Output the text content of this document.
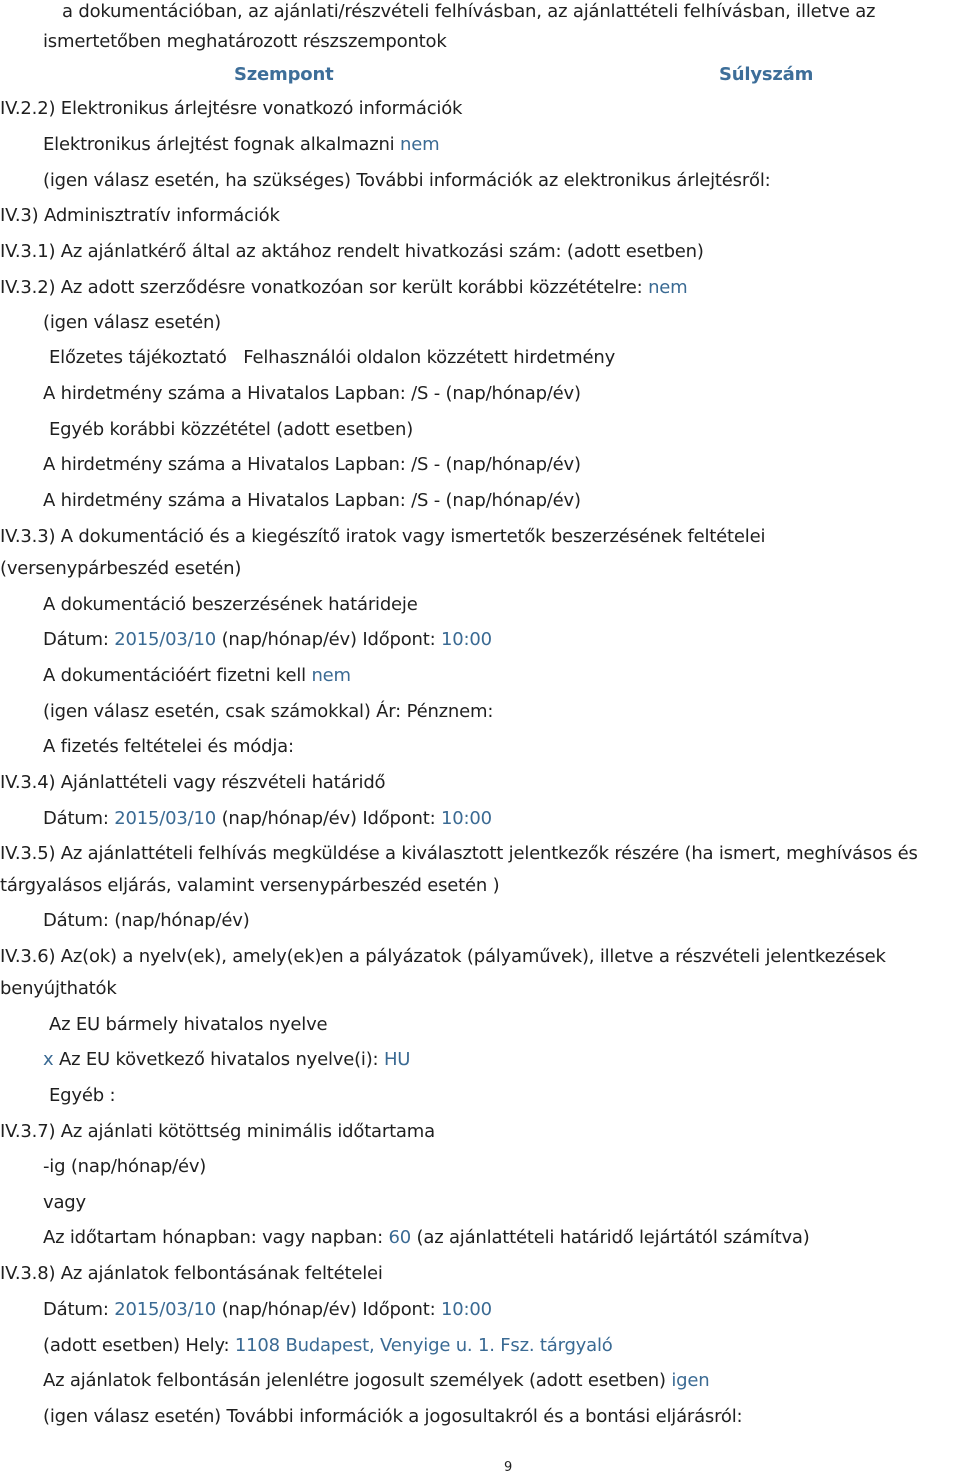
a dokumentációban, az ajánlati/részvételi felhívásban, az ajánlattételi felhívásban, illetve az
ismertetőben meghatározott részszempontok
Szempont	Súlyszám
IV.2.2) Elektronikus árlejtésre vonatkozó információk
Elektronikus árlejtést fognak alkalmazni nem
(igen válasz esetén, ha szükséges) További információk az elektronikus árlejtésről:
IV.3) Adminisztratív információk
IV.3.1) Az ajánlatkérő által az aktához rendelt hivatkozási szám: (adott esetben)
IV.3.2) Az adott szerződésre vonatkozóan sor került korábbi közzétételre: nem
(igen válasz esetén)
Előzetes tájékoztató   Felhasználói oldalon közzétett hirdetmény
A hirdetmény száma a Hivatalos Lapban: /S - (nap/hónap/év)
Egyéb korábbi közzététel (adott esetben)
A hirdetmény száma a Hivatalos Lapban: /S - (nap/hónap/év)
A hirdetmény száma a Hivatalos Lapban: /S - (nap/hónap/év)
IV.3.3) A dokumentáció és a kiegészítő iratok vagy ismertetők beszerzésének feltételei
(versenypárbeszéd esetén)
A dokumentáció beszerzésének határideje
Dátum: 2015/03/10 (nap/hónap/év) Időpont: 10:00
A dokumentációért fizetni kell nem
(igen válasz esetén, csak számokkal) Ár: Pénznem:
A fizetés feltételei és módja:
IV.3.4) Ajánlattételi vagy részvételi határidő
Dátum: 2015/03/10 (nap/hónap/év) Időpont: 10:00
IV.3.5) Az ajánlattételi felhívás megküldése a kiválasztott jelentkezők részére (ha ismert, meghívásos és
tárgyalásos eljárás, valamint versenypárbeszéd esetén )
Dátum: (nap/hónap/év)
IV.3.6) Az(ok) a nyelv(ek), amely(ek)en a pályázatok (pályaművek), illetve a részvételi jelentkezések
benyújthatók
Az EU bármely hivatalos nyelve
x Az EU következő hivatalos nyelve(i): HU
Egyéb :
IV.3.7) Az ajánlati kötöttség minimális időtartama
-ig (nap/hónap/év)
vagy
Az időtartam hónapban: vagy napban: 60 (az ajánlattételi határidő lejártától számítva)
IV.3.8) Az ajánlatok felbontásának feltételei
Dátum: 2015/03/10 (nap/hónap/év) Időpont: 10:00
(adott esetben) Hely: 1108 Budapest, Venyige u. 1. Fsz. tárgyaló
Az ajánlatok felbontásán jelenlétre jogosult személyek (adott esetben) igen
(igen válasz esetén) További információk a jogosultakról és a bontási eljárásról:
9
